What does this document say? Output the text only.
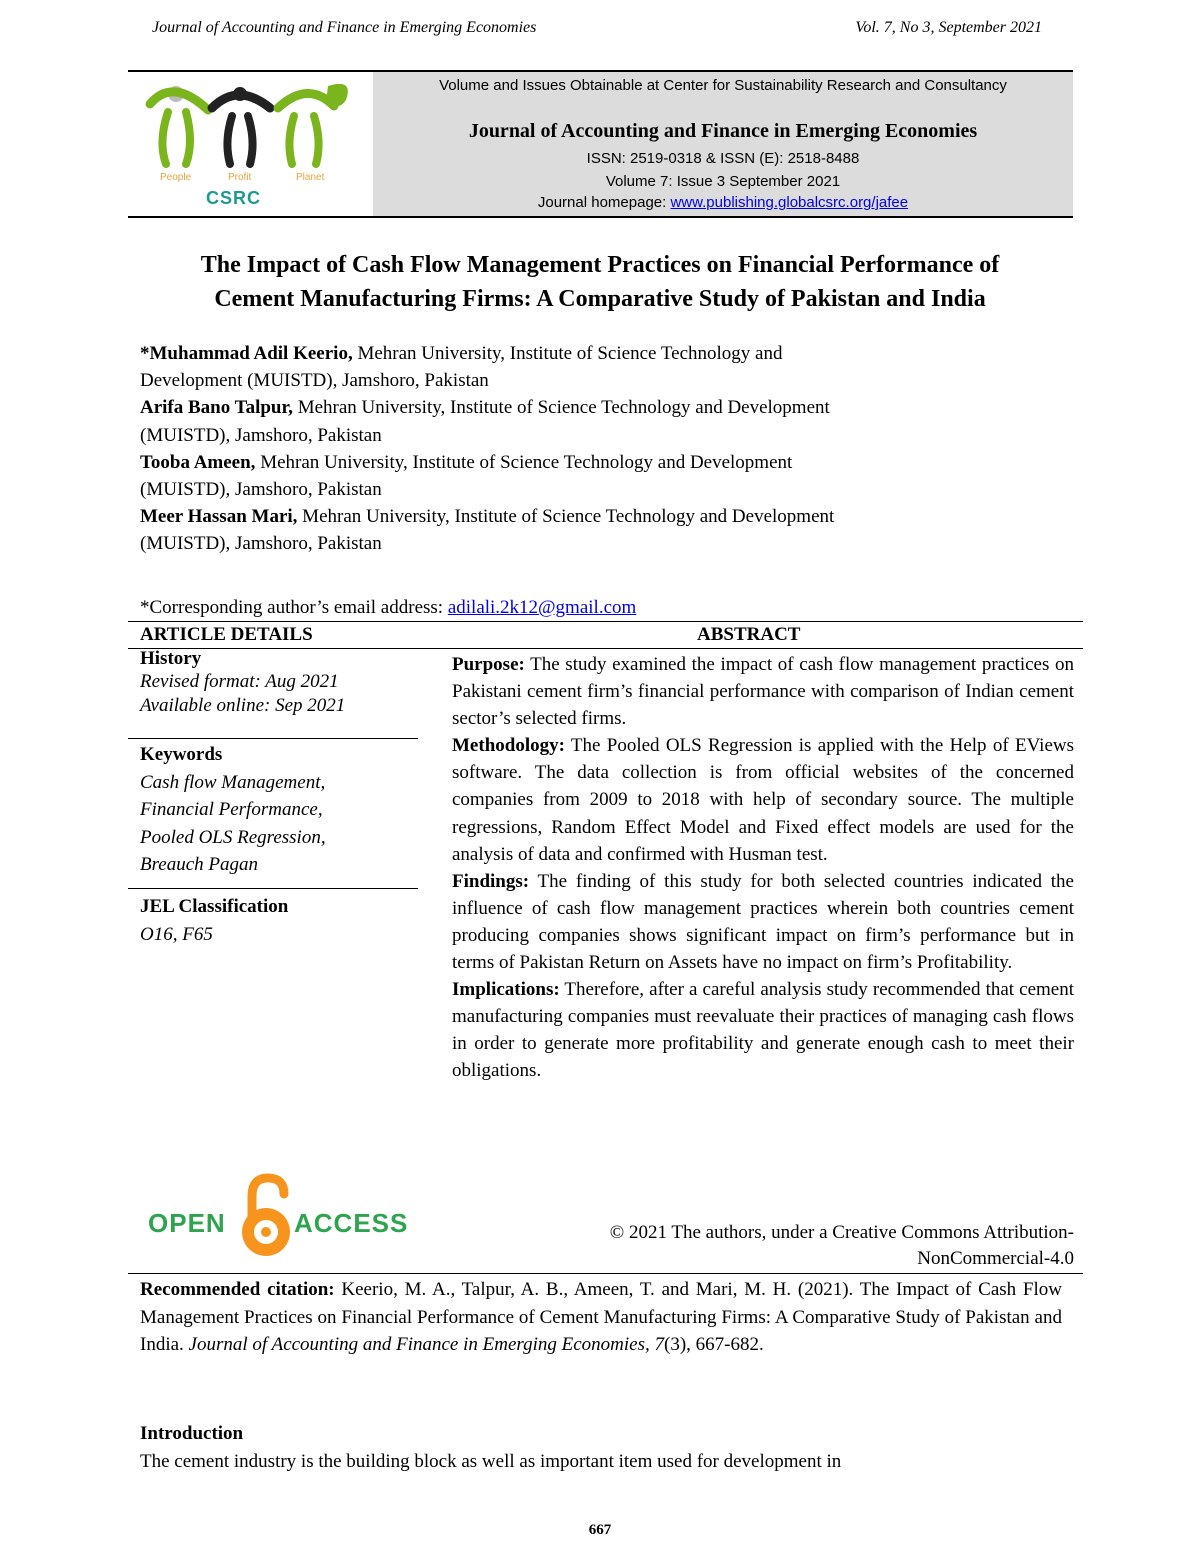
Journal of Accounting and Finance in Emerging Economies	Vol. 7, No 3, September 2021
People	Profit	Planet
CSRC
Volume and Issues Obtainable at Center for Sustainability Research and Consultancy
Journal of Accounting and Finance in Emerging Economies
ISSN: 2519-0318 & ISSN (E): 2518-8488
Volume 7: Issue 3 September 2021
Journal homepage: www.publishing.globalcsrc.org/jafee
The Impact of Cash Flow Management Practices on Financial Performance of
Cement Manufacturing Firms: A Comparative Study of Pakistan and India
*Muhammad Adil Keerio, Mehran University, Institute of Science Technology and
Development (MUISTD), Jamshoro, Pakistan
Arifa Bano Talpur, Mehran University, Institute of Science Technology and Development
(MUISTD), Jamshoro, Pakistan
Tooba Ameen, Mehran University, Institute of Science Technology and Development
(MUISTD), Jamshoro, Pakistan
Meer Hassan Mari, Mehran University, Institute of Science Technology and Development
(MUISTD), Jamshoro, Pakistan
*Corresponding author’s email address: adilali.2k12@gmail.com
ARTICLE DETAILS	ABSTRACT
History
Revised format: Aug 2021
Available online: Sep 2021
Keywords
Cash flow Management,
Financial Performance,
Pooled OLS Regression,
Breauch Pagan
JEL Classification
O16, F65

Purpose: The study examined the impact of cash flow management practices on Pakistani cement firm’s financial performance with comparison of Indian cement sector’s selected firms.

Methodology: The Pooled OLS Regression is applied with the Help of EViews software. The data collection is from official websites of the concerned companies from 2009 to 2018 with help of secondary source. The multiple regressions, Random Effect Model and Fixed effect models are used for the analysis of data and confirmed with Husman test.

Findings: The finding of this study for both selected countries indicated the influence of cash flow management practices wherein both countries cement producing companies shows significant impact on firm’s performance but in terms of Pakistan Return on Assets have no impact on firm’s Profitability.

Implications: Therefore, after a careful analysis study recommended that cement manufacturing companies must reevaluate their practices of managing cash flows in order to generate more profitability and generate enough cash to meet their obligations.

OPEN	ACCESS	© 2021 The authors, under a Creative Commons Attribution-
NonCommercial-4.0
Recommended citation: Keerio, M. A., Talpur, A. B., Ameen, T. and Mari, M. H. (2021). The Impact of Cash Flow Management Practices on Financial Performance of Cement Manufacturing Firms: A Comparative Study of Pakistan and India. Journal of Accounting and Finance in Emerging Economies, 7(3), 667-682.
Introduction
The cement industry is the building block as well as important item used for development in
667
